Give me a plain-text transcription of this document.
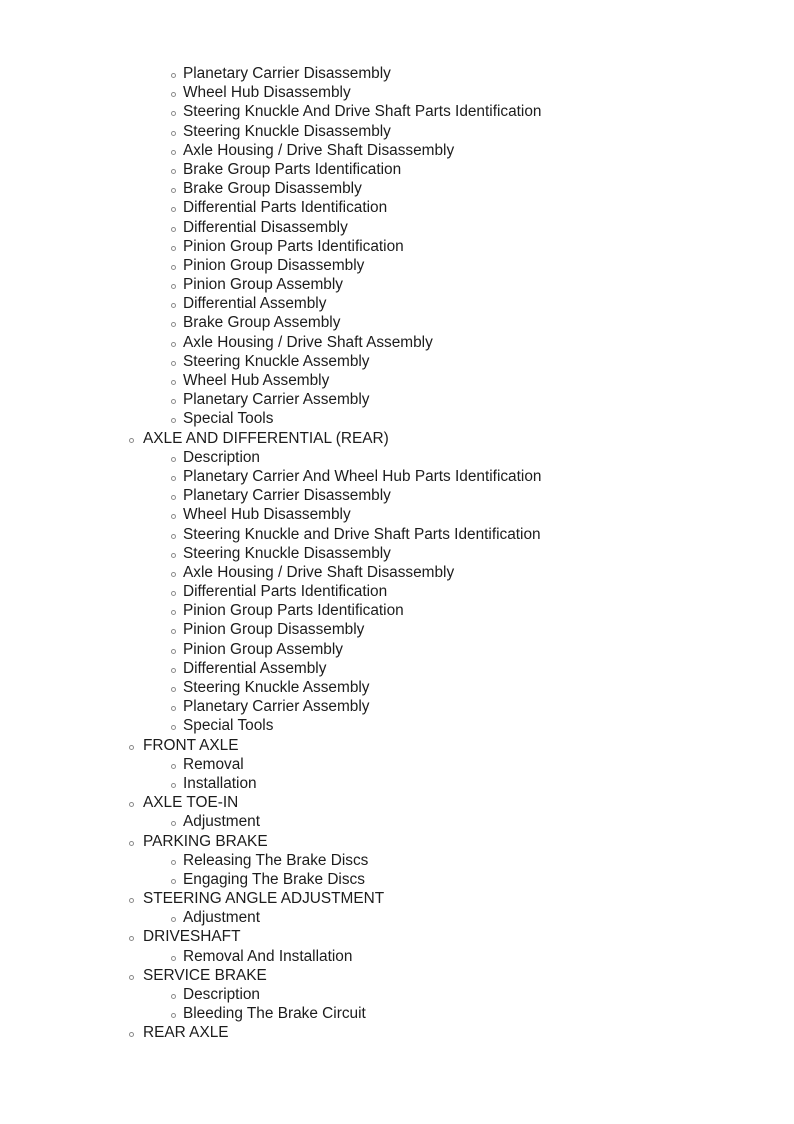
Planetary Carrier Disassembly
Wheel Hub Disassembly
Steering Knuckle And Drive Shaft Parts Identification
Steering Knuckle Disassembly
Axle Housing / Drive Shaft Disassembly
Brake Group Parts Identification
Brake Group Disassembly
Differential Parts Identification
Differential Disassembly
Pinion Group Parts Identification
Pinion Group Disassembly
Pinion Group Assembly
Differential Assembly
Brake Group Assembly
Axle Housing / Drive Shaft Assembly
Steering Knuckle Assembly
Wheel Hub Assembly
Planetary Carrier Assembly
Special Tools
AXLE AND DIFFERENTIAL (REAR)
Description
Planetary Carrier And Wheel Hub Parts Identification
Planetary Carrier Disassembly
Wheel Hub Disassembly
Steering Knuckle and Drive Shaft Parts Identification
Steering Knuckle Disassembly
Axle Housing / Drive Shaft Disassembly
Differential Parts Identification
Pinion Group Parts Identification
Pinion Group Disassembly
Pinion Group Assembly
Differential Assembly
Steering Knuckle Assembly
Planetary Carrier Assembly
Special Tools
FRONT AXLE
Removal
Installation
AXLE TOE-IN
Adjustment
PARKING BRAKE
Releasing The Brake Discs
Engaging The Brake Discs
STEERING ANGLE ADJUSTMENT
Adjustment
DRIVESHAFT
Removal And Installation
SERVICE BRAKE
Description
Bleeding The Brake Circuit
REAR AXLE
